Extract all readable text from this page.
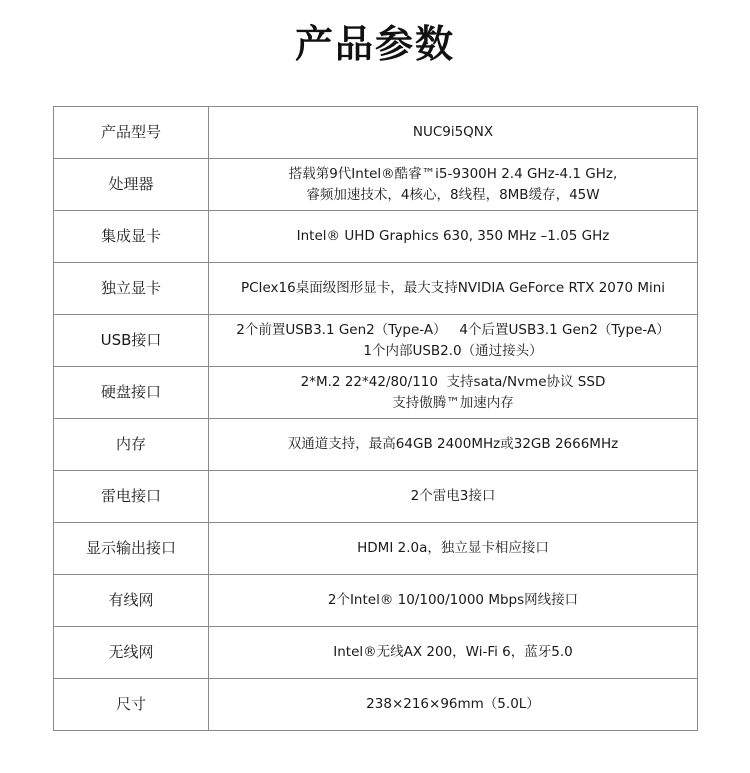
产品参数
产品型号	NUC9i5QNX

处理器	搭载第9代Intel®酷睿™i5-9300H 2.4 GHz-4.1 GHz,
睿频加速技术，4核心，8线程，8MB缓存，45W

集成显卡	Intel® UHD Graphics 630, 350 MHz –1.05 GHz

独立显卡	PCIex16桌面级图形显卡，最大支持NVIDIA GeForce RTX 2070 Mini

USB接口	2个前置USB3.1 Gen2（Type-A）   4个后置USB3.1 Gen2（Type-A）
1个内部USB2.0（通过接头）

硬盘接口	2*M.2 22*42/80/110  支持sata/Nvme协议 SSD
支持傲腾™加速内存

内存	双通道支持，最高64GB 2400MHz或32GB 2666MHz

雷电接口	2个雷电3接口

显示输出接口	HDMI 2.0a，独立显卡相应接口

有线网	2个Intel® 10/100/1000 Mbps网线接口

无线网	Intel®无线AX 200，Wi-Fi 6，蓝牙5.0

尺寸	238×216×96mm（5.0L）
